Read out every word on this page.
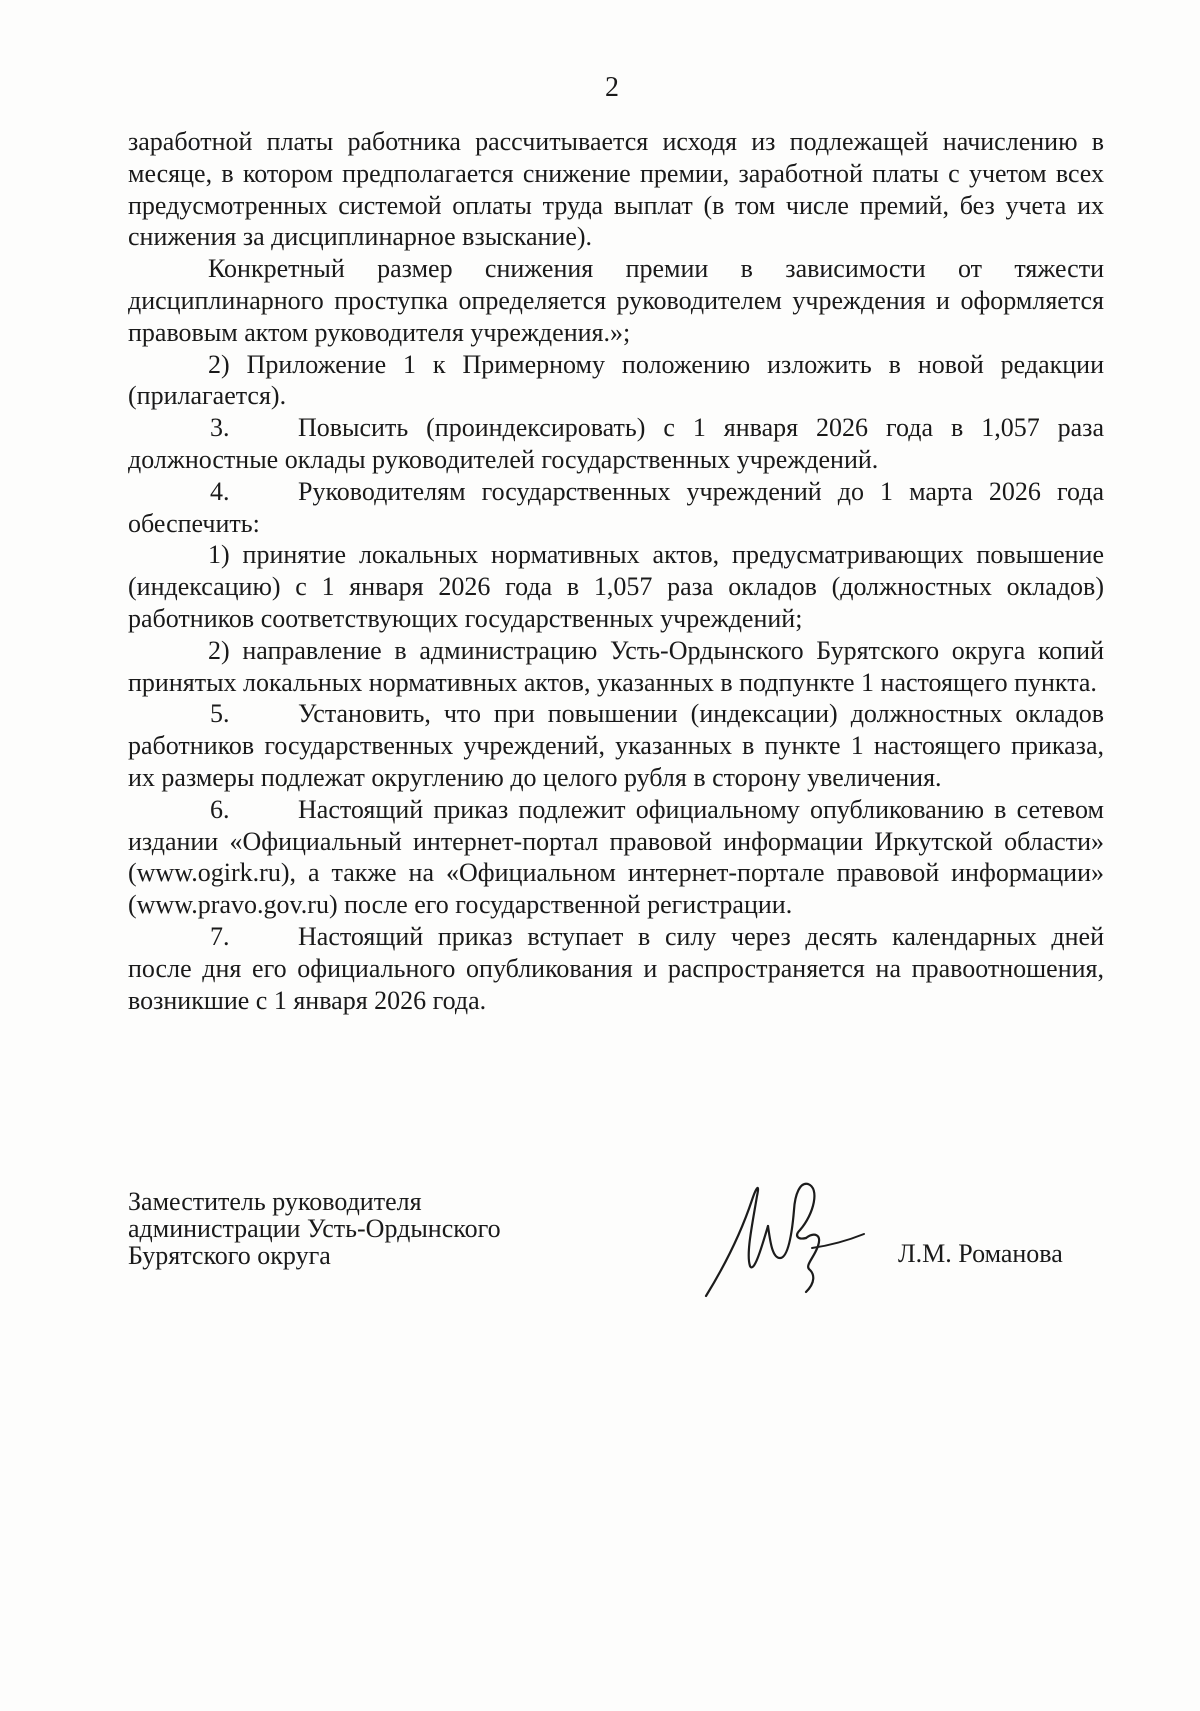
2

заработной платы работника рассчитывается исходя из подлежащей начислению в месяце, в котором предполагается снижение премии, заработной платы с учетом всех предусмотренных системой оплаты труда выплат (в том числе премий, без учета их снижения за дисциплинарное взыскание).

Конкретный размер снижения премии в зависимости от тяжести дисциплинарного проступка определяется руководителем учреждения и оформляется правовым актом руководителя учреждения.»;

2) Приложение 1 к Примерному положению изложить в новой редакции (прилагается).

3.	Повысить (проиндексировать) с 1 января 2026 года в 1,057 раза должностные оклады руководителей государственных учреждений.

4.	Руководителям государственных учреждений до 1 марта 2026 года обеспечить:

1) принятие локальных нормативных актов, предусматривающих повышение (индексацию) с 1 января 2026 года в 1,057 раза окладов (должностных окладов) работников соответствующих государственных учреждений;

2) направление в администрацию Усть-Ордынского Бурятского округа копий принятых локальных нормативных актов, указанных в подпункте 1 настоящего пункта.

5.	Установить, что при повышении (индексации) должностных окладов работников государственных учреждений, указанных в пункте 1 настоящего приказа, их размеры подлежат округлению до целого рубля в сторону увеличения.

6.	Настоящий приказ подлежит официальному опубликованию в сетевом издании «Официальный интернет-портал правовой информации Иркутской области» (www.ogirk.ru), а также на «Официальном интернет-портале правовой информации» (www.pravo.gov.ru) после его государственной регистрации.

7.	Настоящий приказ вступает в силу через десять календарных дней после дня его официального опубликования и распространяется на правоотношения, возникшие с 1 января 2026 года.

Заместитель руководителя
администрации Усть-Ордынского
Бурятского округа	Л.М. Романова
